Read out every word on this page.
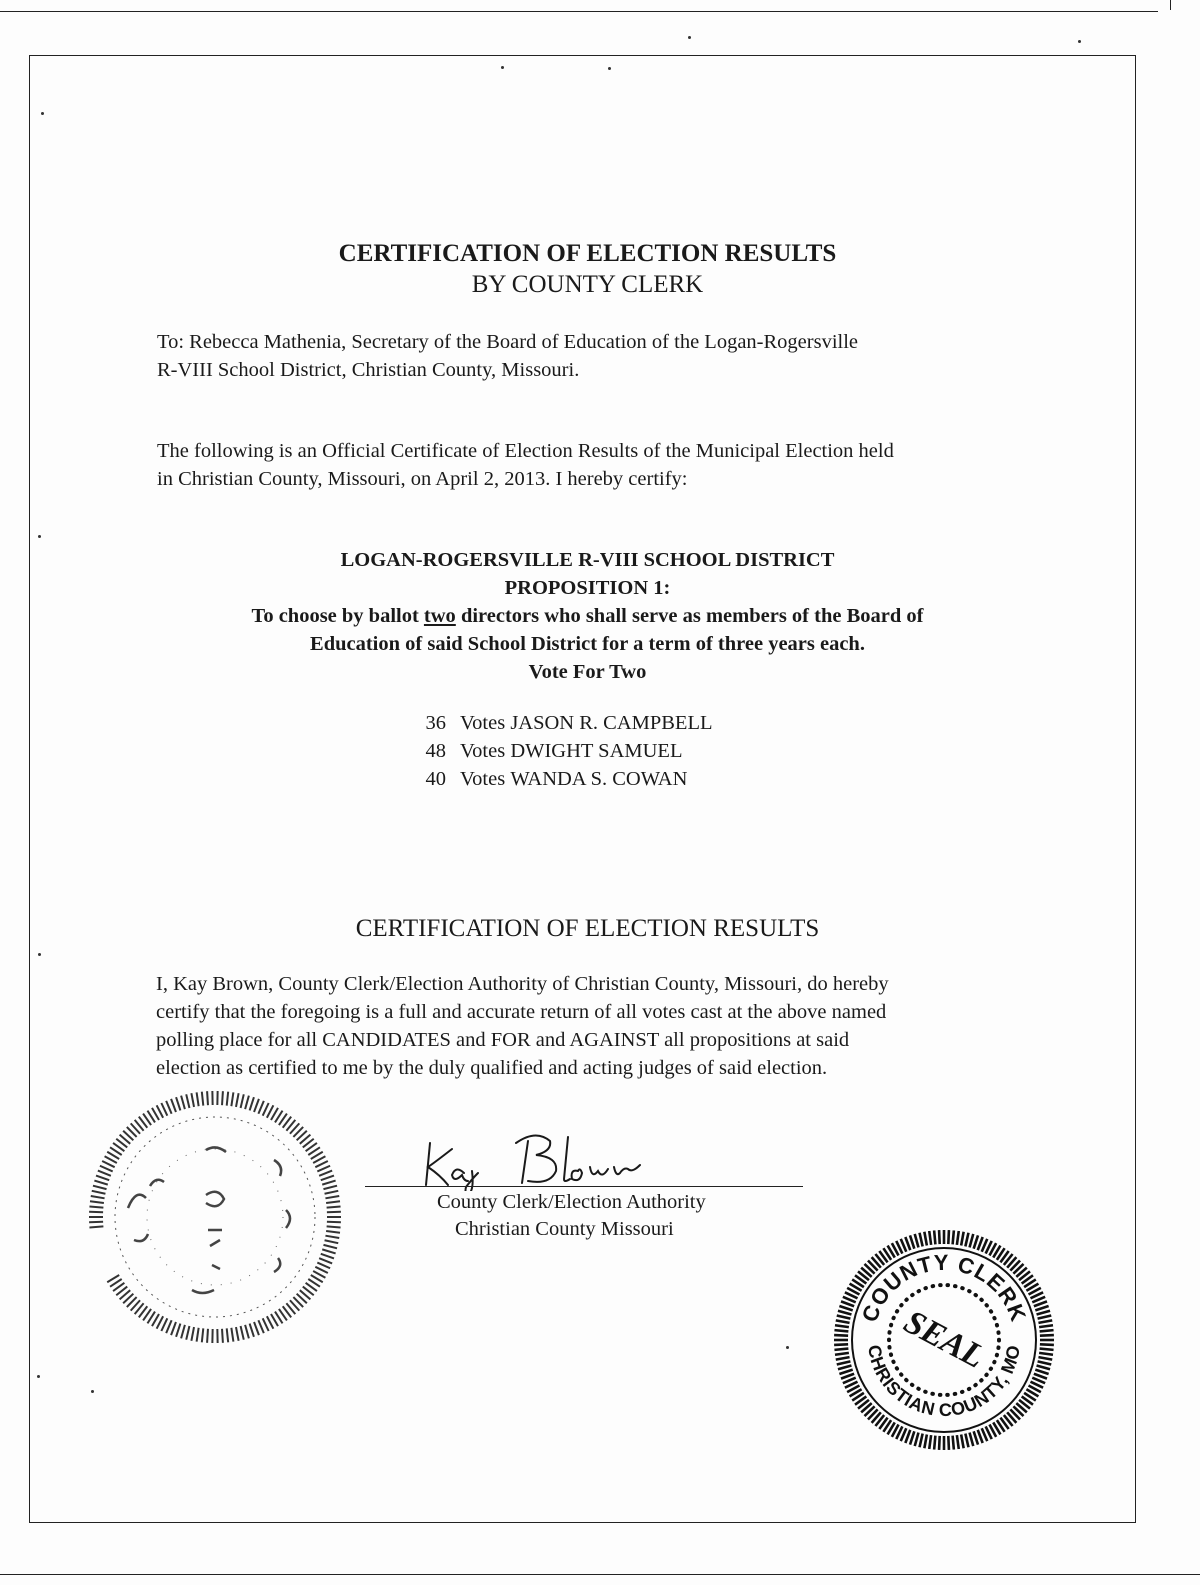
CERTIFICATION OF ELECTION RESULTS
BY COUNTY CLERK
To: Rebecca Mathenia, Secretary of the Board of Education of the Logan-Rogersville
R-VIII School District, Christian County, Missouri.
The following is an Official Certificate of Election Results of the Municipal Election held
in Christian County, Missouri, on April 2, 2013. I hereby certify:
LOGAN-ROGERSVILLE R-VIII SCHOOL DISTRICT
PROPOSITION 1:
To choose by ballot two directors who shall serve as members of the Board of
Education of said School District for a term of three years each.
Vote For Two
36 Votes
JASON R. CAMPBELL
48 Votes
DWIGHT SAMUEL
40 Votes
WANDA S. COWAN
CERTIFICATION OF ELECTION RESULTS
I, Kay Brown, County Clerk/Election Authority of Christian County, Missouri, do hereby
certify that the foregoing is a full and accurate return of all votes cast at the above named
polling place for all CANDIDATES and FOR and AGAINST all propositions at said
election as certified to me by the duly qualified and acting judges of said election.
County Clerk/Election Authority
Christian County Missouri
COUNTY CLERK
CHRISTIAN COUNTY, MO
SEAL
